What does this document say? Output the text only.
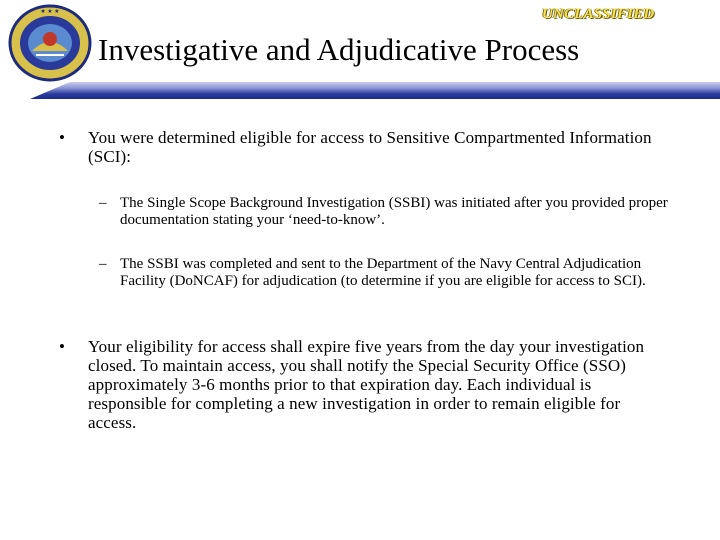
★ ★ ★	UNCLASSIFIED
Investigative and Adjudicative Process
• You were determined eligible for access to Sensitive Compartmented Information (SCI):
– The Single Scope Background Investigation (SSBI) was initiated after you provided proper documentation stating your ‘need-to-know’.
– The SSBI was completed and sent to the Department of the Navy Central Adjudication Facility (DoNCAF) for adjudication (to determine if you are eligible for access to SCI).
• Your eligibility for access shall expire five years from the day your investigation closed. To maintain access, you shall notify the Special Security Office (SSO) approximately 3-6 months prior to that expiration day. Each individual is responsible for completing a new investigation in order to remain eligible for access.
